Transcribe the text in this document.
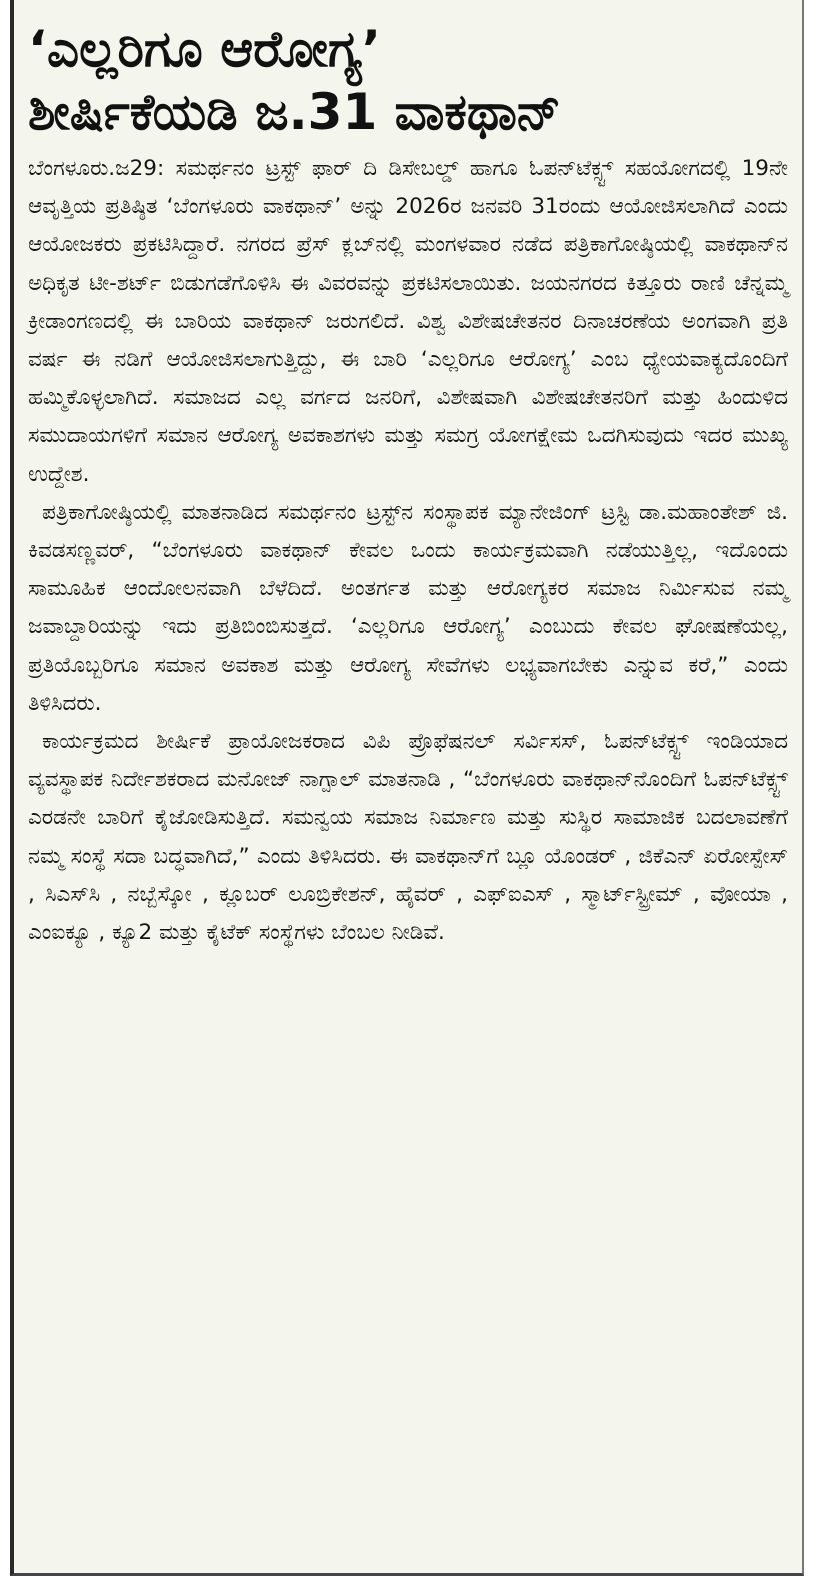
‘ಎಲ್ಲರಿಗೂ ಆರೋಗ್ಯ’
ಶೀರ್ಷಿಕೆಯಡಿ ಜ.31 ವಾಕಥಾನ್

ಬೆಂಗಳೂರು.ಜ29: ಸಮರ್ಥನಂ ಟ್ರಸ್ಟ್ ಫಾರ್ ದಿ ಡಿಸೇಬಲ್ಡ್ ಹಾಗೂ ಓಪನ್‌ಟೆಕ್ಸ್ಟ್ ಸಹಯೋಗದಲ್ಲಿ 19ನೇ ಆವೃತ್ತಿಯ ಪ್ರತಿಷ್ಠಿತ ‘ಬೆಂಗಳೂರು ವಾಕಥಾನ್’ ಅನ್ನು 2026ರ ಜನವರಿ 31ರಂದು ಆಯೋಜಿಸಲಾಗಿದೆ ಎಂದು ಆಯೋಜಕರು ಪ್ರಕಟಿಸಿದ್ದಾರೆ. ನಗರದ ಪ್ರೆಸ್ ಕ್ಲಬ್‌ನಲ್ಲಿ ಮಂಗಳವಾರ ನಡೆದ ಪತ್ರಿಕಾಗೋಷ್ಠಿಯಲ್ಲಿ ವಾಕಥಾನ್‌ನ ಅಧಿಕೃತ ಟೀ-ಶರ್ಟ್ ಬಿಡುಗಡೆಗೊಳಿಸಿ ಈ ವಿವರವನ್ನು ಪ್ರಕಟಿಸಲಾಯಿತು. ಜಯನಗರದ ಕಿತ್ತೂರು ರಾಣಿ ಚೆನ್ನಮ್ಮ ಕ್ರೀಡಾಂಗಣದಲ್ಲಿ ಈ ಬಾರಿಯ ವಾಕಥಾನ್ ಜರುಗಲಿದೆ. ವಿಶ್ವ ವಿಶೇಷಚೇತನರ ದಿನಾಚರಣೆಯ ಅಂಗವಾಗಿ ಪ್ರತಿ ವರ್ಷ ಈ ನಡಿಗೆ ಆಯೋಜಿಸಲಾಗುತ್ತಿದ್ದು, ಈ ಬಾರಿ ‘ಎಲ್ಲರಿಗೂ ಆರೋಗ್ಯ’ ಎಂಬ ಧ್ಯೇಯವಾಕ್ಯದೊಂದಿಗೆ ಹಮ್ಮಿಕೊಳ್ಳಲಾಗಿದೆ. ಸಮಾಜದ ಎಲ್ಲ ವರ್ಗದ ಜನರಿಗೆ, ವಿಶೇಷವಾಗಿ ವಿಶೇಷಚೇತನರಿಗೆ ಮತ್ತು ಹಿಂದುಳಿದ ಸಮುದಾಯಗಳಿಗೆ ಸಮಾನ ಆರೋಗ್ಯ ಅವಕಾಶಗಳು ಮತ್ತು ಸಮಗ್ರ ಯೋಗಕ್ಷೇಮ ಒದಗಿಸುವುದು ಇದರ ಮುಖ್ಯ ಉದ್ದೇಶ.

ಪತ್ರಿಕಾಗೋಷ್ಠಿಯಲ್ಲಿ ಮಾತನಾಡಿದ ಸಮರ್ಥನಂ ಟ್ರಸ್ಟ್‌ನ ಸಂಸ್ಥಾಪಕ ಮ್ಯಾನೇಜಿಂಗ್ ಟ್ರಸ್ಟಿ ಡಾ.ಮಹಾಂತೇಶ್ ಜಿ. ಕಿವಡಸಣ್ಣವರ್, “ಬೆಂಗಳೂರು ವಾಕಥಾನ್ ಕೇವಲ ಒಂದು ಕಾರ್ಯಕ್ರಮವಾಗಿ ನಡೆಯುತ್ತಿಲ್ಲ, ಇದೊಂದು ಸಾಮೂಹಿಕ ಆಂದೋಲನವಾಗಿ ಬೆಳೆದಿದೆ. ಅಂತರ್ಗತ ಮತ್ತು ಆರೋಗ್ಯಕರ ಸಮಾಜ ನಿರ್ಮಿಸುವ ನಮ್ಮ ಜವಾಬ್ದಾರಿಯನ್ನು ಇದು ಪ್ರತಿಬಿಂಬಿಸುತ್ತದೆ. ‘ಎಲ್ಲರಿಗೂ ಆರೋಗ್ಯ’ ಎಂಬುದು ಕೇವಲ ಘೋಷಣೆಯಲ್ಲ, ಪ್ರತಿಯೊಬ್ಬರಿಗೂ ಸಮಾನ ಅವಕಾಶ ಮತ್ತು ಆರೋಗ್ಯ ಸೇವೆಗಳು ಲಭ್ಯವಾಗಬೇಕು ಎನ್ನುವ ಕರೆ,” ಎಂದು ತಿಳಿಸಿದರು.

ಕಾರ್ಯಕ್ರಮದ ಶೀರ್ಷಿಕೆ ಪ್ರಾಯೋಜಕರಾದ ವಿಪಿ ಪ್ರೊಫೆಷನಲ್ ಸರ್ವಿಸಸ್, ಓಪನ್‌ಟೆಕ್ಸ್ಟ್ ಇಂಡಿಯಾದ ವ್ಯವಸ್ಥಾಪಕ ನಿರ್ದೇಶಕರಾದ ಮನೋಜ್ ನಾಗ್ಪಾಲ್ ಮಾತನಾಡಿ , “ಬೆಂಗಳೂರು ವಾಕಥಾನ್‌ನೊಂದಿಗೆ ಓಪನ್‌ಟೆಕ್ಸ್ಟ್ ಎರಡನೇ ಬಾರಿಗೆ ಕೈಜೋಡಿಸುತ್ತಿದೆ. ಸಮನ್ವಯ ಸಮಾಜ ನಿರ್ಮಾಣ ಮತ್ತು ಸುಸ್ಥಿರ ಸಾಮಾಜಿಕ ಬದಲಾವಣೆಗೆ ನಮ್ಮ ಸಂಸ್ಥೆ ಸದಾ ಬದ್ಧವಾಗಿದೆ,” ಎಂದು ತಿಳಿಸಿದರು. ಈ ವಾಕಥಾನ್‌ಗೆ ಬ್ಲೂ ಯೊಂಡರ್ , ಜಿಕೆಎನ್ ಏರೋಸ್ಪೇಸ್ , ಸಿಎಸ್‌ಸಿ , ನಬ್ಬೆಸ್ಕೋ , ಕ್ಲೂಬರ್ ಲೂಬ್ರಿಕೇಶನ್, ಹೈವರ್ , ಎಫ್‌ಐಎಸ್ , ಸ್ಮಾರ್ಟ್‌ಸ್ಟ್ರೀಮ್ , ವೋಯಾ , ಎಂಐಕ್ಯೂ , ಕ್ಯೂ2 ಮತ್ತು ಕೈಟೆಕ್ ಸಂಸ್ಥೆಗಳು ಬೆಂಬಲ ನೀಡಿವೆ.
